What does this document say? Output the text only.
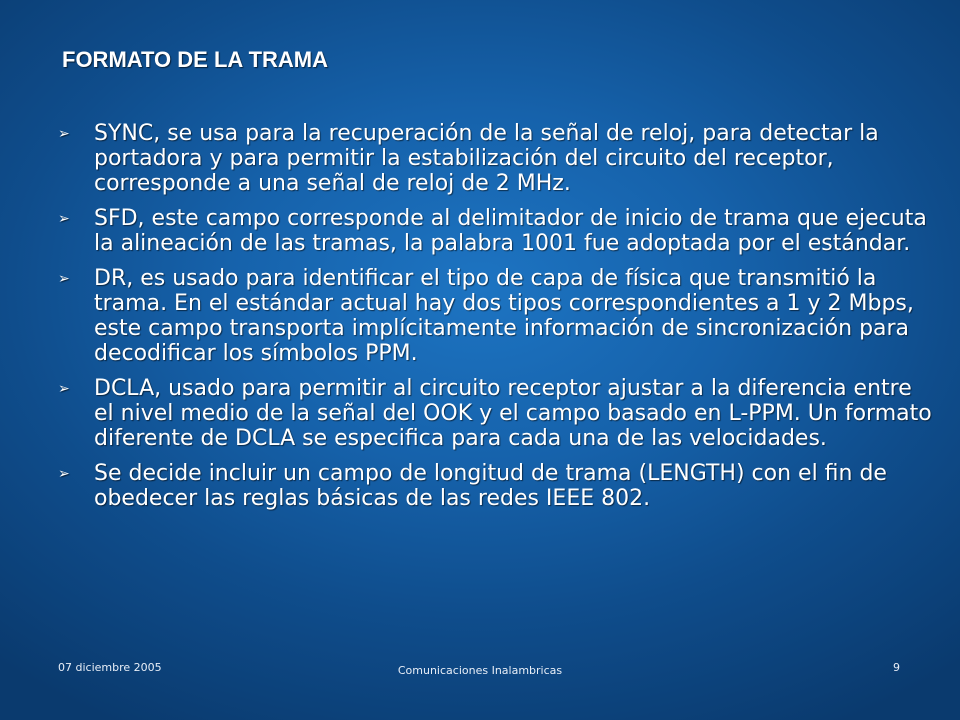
FORMATO DE LA TRAMA
➢	SYNC, se usa para la recuperación de la señal de reloj, para detectar la portadora y para permitir la estabilización del circuito del receptor, corresponde a una señal de reloj de 2 MHz.
➢	SFD, este campo corresponde al delimitador de inicio de trama que ejecuta la alineación de las tramas, la palabra 1001 fue adoptada por el estándar.
➢	DR, es usado para identificar el tipo de capa de física que transmitió la trama. En el estándar actual hay dos tipos correspondientes a 1 y 2 Mbps, este campo transporta implícitamente información de sincronización para decodificar los símbolos PPM.
➢	DCLA, usado para permitir al circuito receptor ajustar a la diferencia entre el nivel medio de la señal del OOK y el campo basado en L-PPM. Un formato diferente de DCLA se especifica para cada una de las velocidades.
➢	Se decide incluir un campo de longitud de trama (LENGTH) con el fin de obedecer las reglas básicas de las redes IEEE 802.
07 diciembre 2005	Comunicaciones Inalambricas	9
